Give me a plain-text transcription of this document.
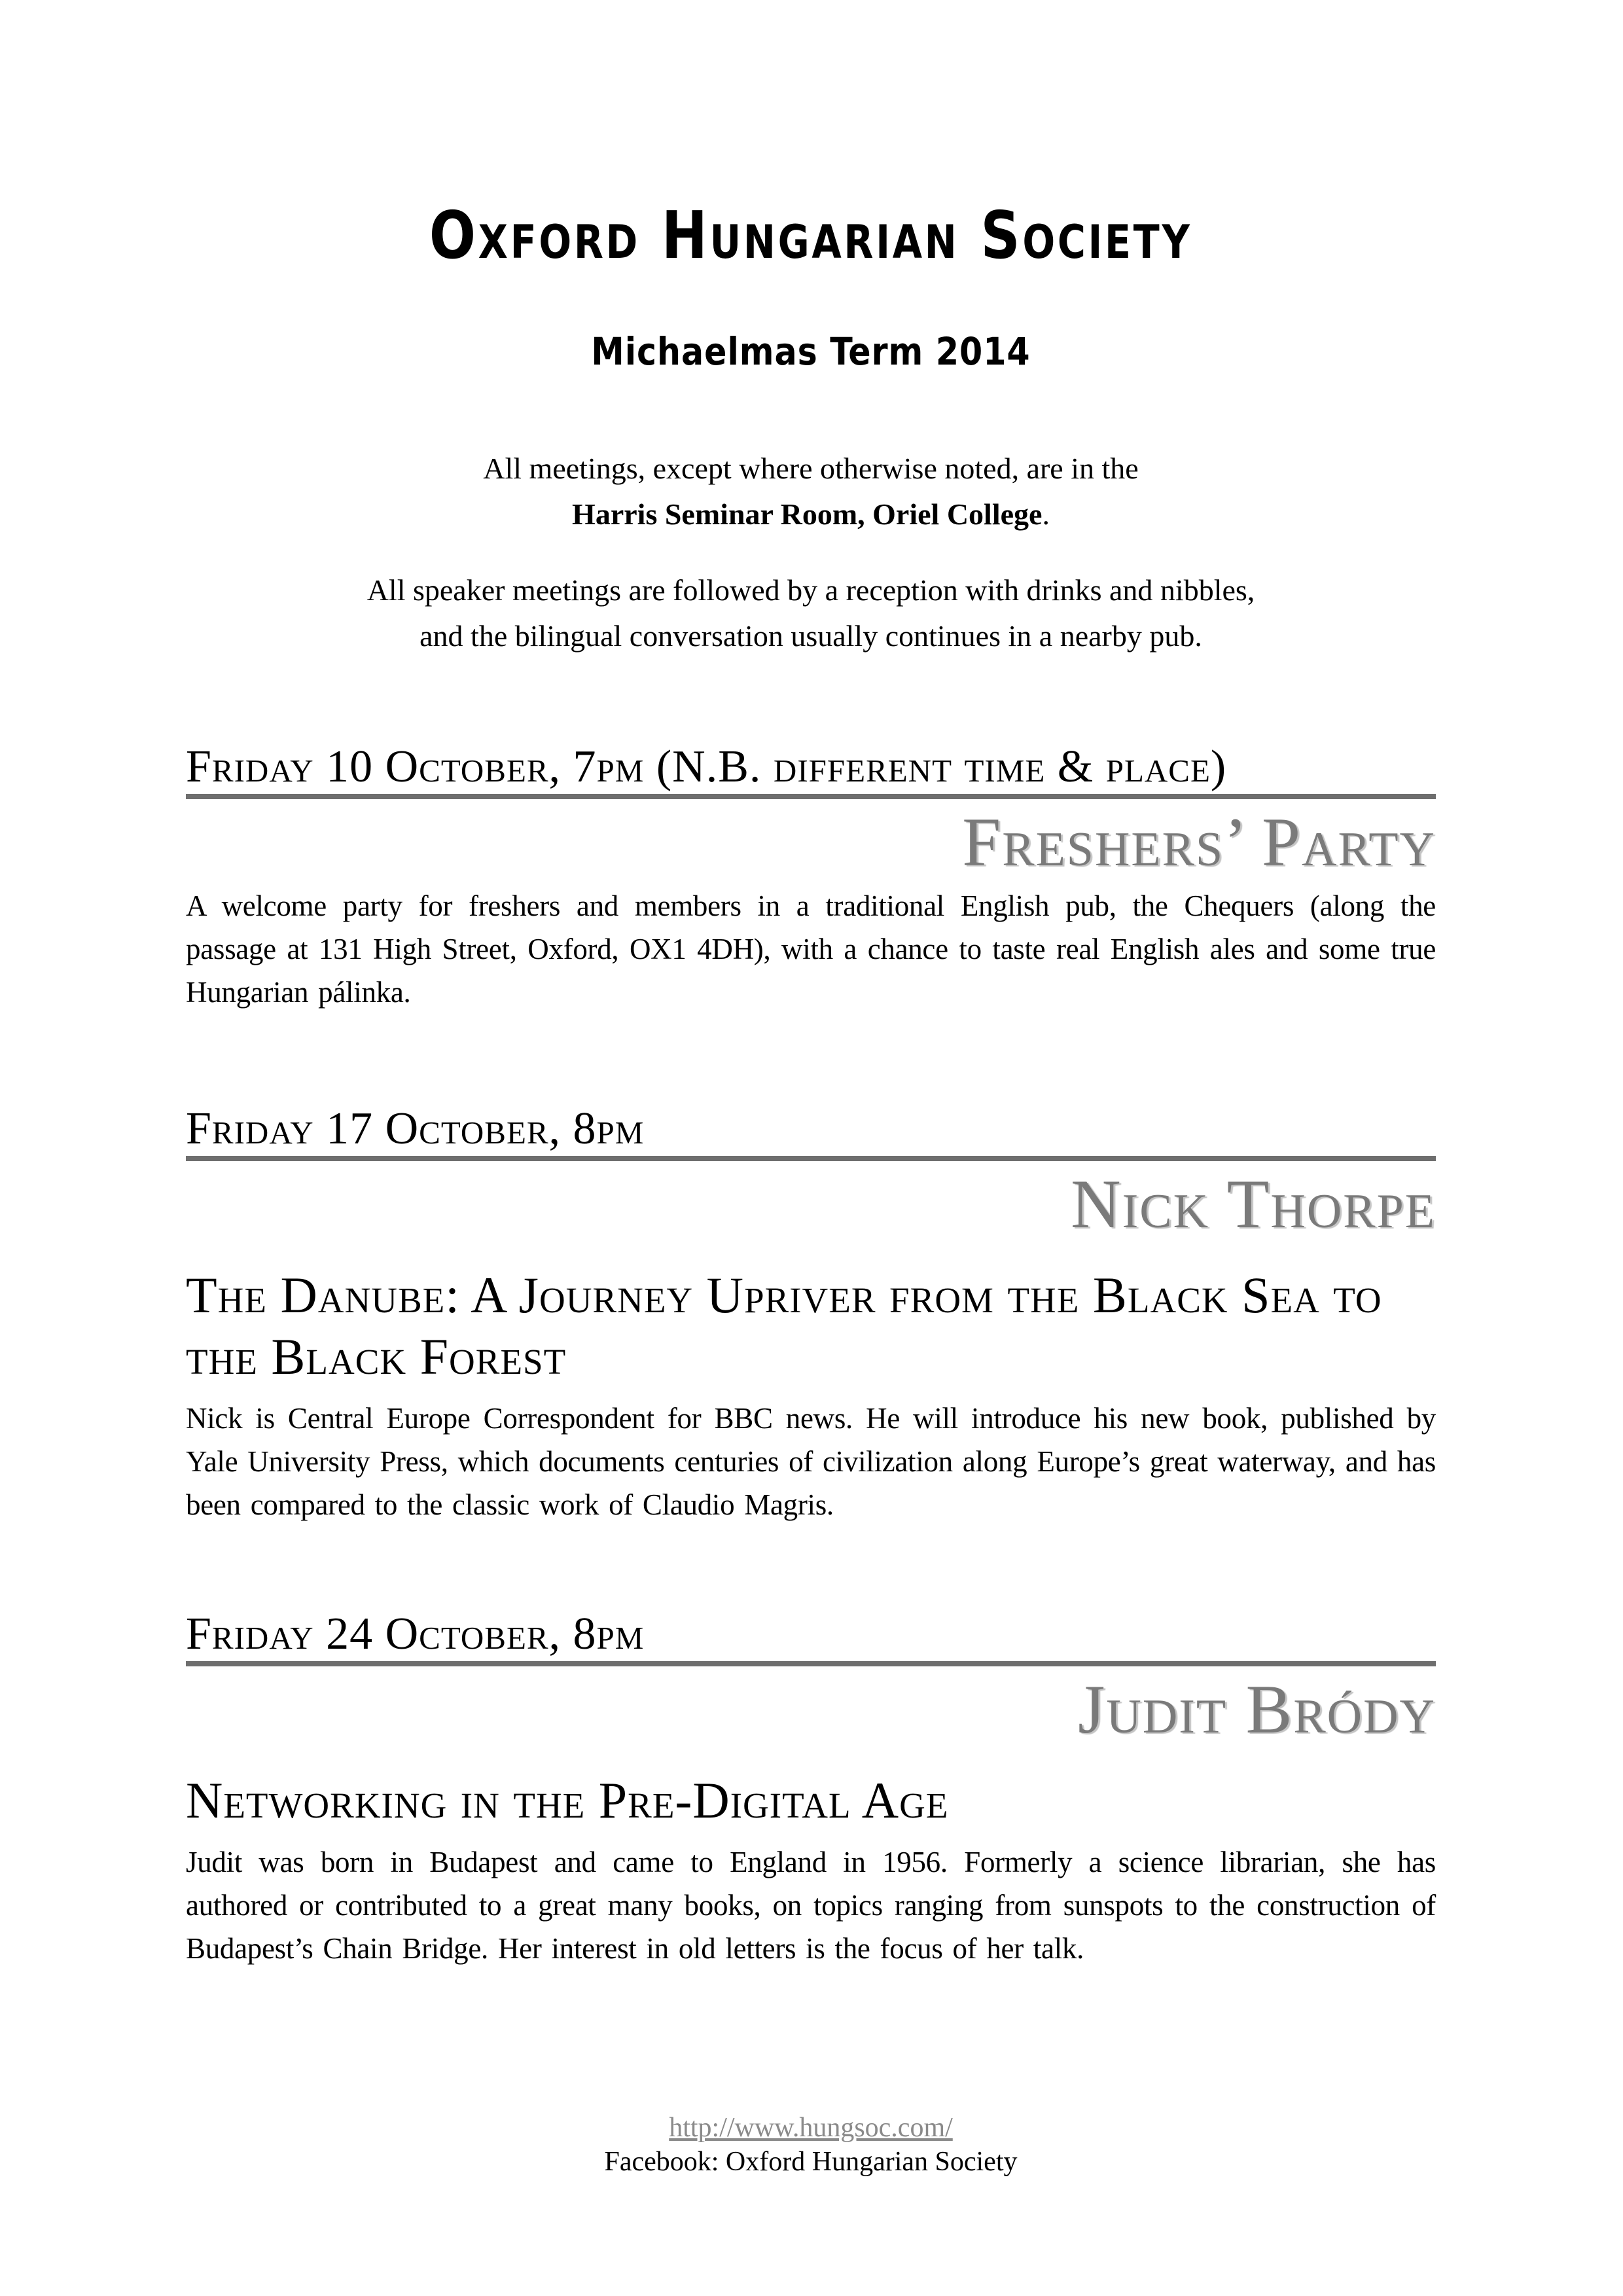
Oxford Hungarian Society
Michaelmas Term 2014

All meetings, except where otherwise noted, are in the
Harris Seminar Room, Oriel College.

All speaker meetings are followed by a reception with drinks and nibbles,
and the bilingual conversation usually continues in a nearby pub.

Friday 10 October, 7pm (N.B. different time & place)
Freshers’ Party

A welcome party for freshers and members in a traditional English pub, the Chequers (along the passage at 131 High Street, Oxford, OX1 4DH), with a chance to taste real English ales and some true Hungarian pálinka.

Friday 17 October, 8pm
Nick Thorpe
The Danube: A Journey Upriver from the Black Sea to the Black Forest

Nick is Central Europe Correspondent for BBC news. He will introduce his new book, published by Yale University Press, which documents centuries of civilization along Europe’s great waterway, and has been compared to the classic work of Claudio Magris.

Friday 24 October, 8pm
Judit Bródy
Networking in the Pre-Digital Age

Judit was born in Budapest and came to England in 1956. Formerly a science librarian, she has authored or contributed to a great many books, on topics ranging from sunspots to the construction of Budapest’s Chain Bridge. Her interest in old letters is the focus of her talk.

http://www.hungsoc.com/
Facebook: Oxford Hungarian Society
